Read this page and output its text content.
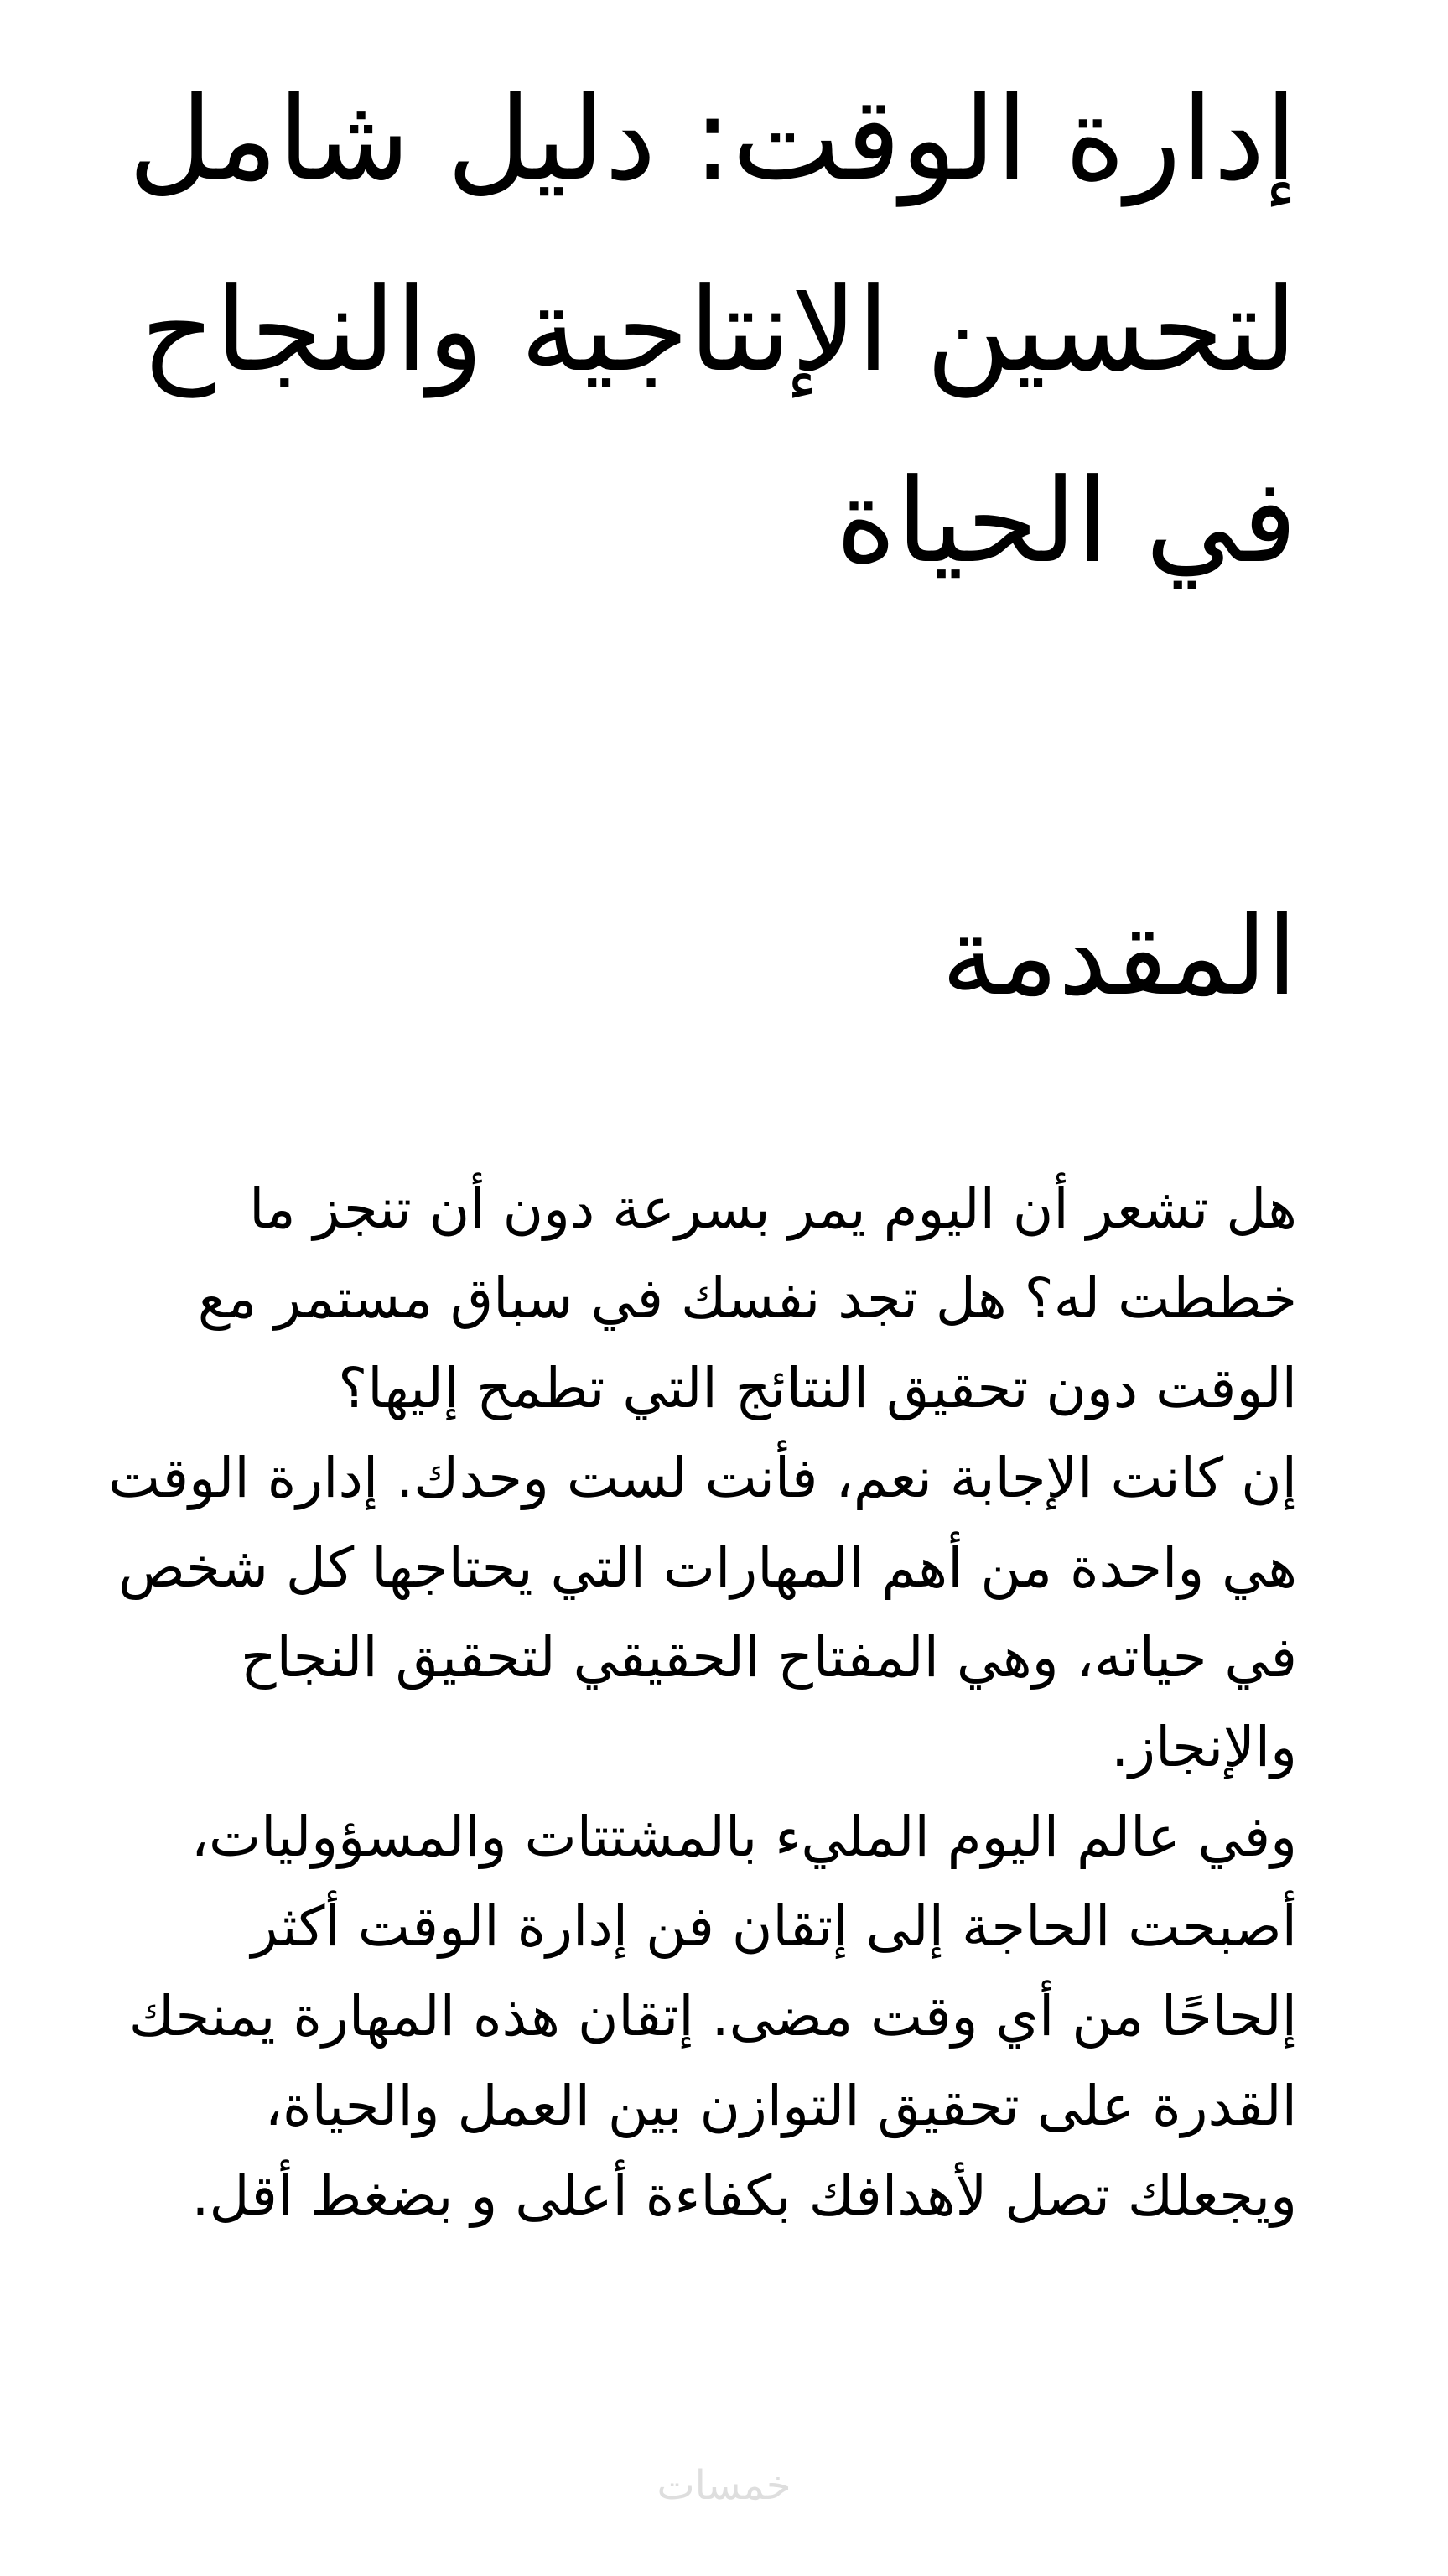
إدارة الوقت: دليل شامل لتحسين الإنتاجية والنجاح في الحياة
المقدمة

هل تشعر أن اليوم يمر بسرعة دون أن تنجز ما خططت له؟ هل تجد نفسك في سباق مستمر مع الوقت دون تحقيق النتائج التي تطمح إليها؟

إن كانت الإجابة نعم، فأنت لست وحدك. إدارة الوقت هي واحدة من أهم المهارات التي يحتاجها كل شخص في حياته، وهي المفتاح الحقيقي لتحقيق النجاح والإنجاز.

وفي عالم اليوم المليء بالمشتتات والمسؤوليات، أصبحت الحاجة إلى إتقان فن إدارة الوقت أكثر إلحاحًا من أي وقت مضى. إتقان هذه المهارة يمنحك القدرة على تحقيق التوازن بين العمل والحياة، ويجعلك تصل لأهدافك بكفاءة أعلى و بضغط أقل.

خمسات
